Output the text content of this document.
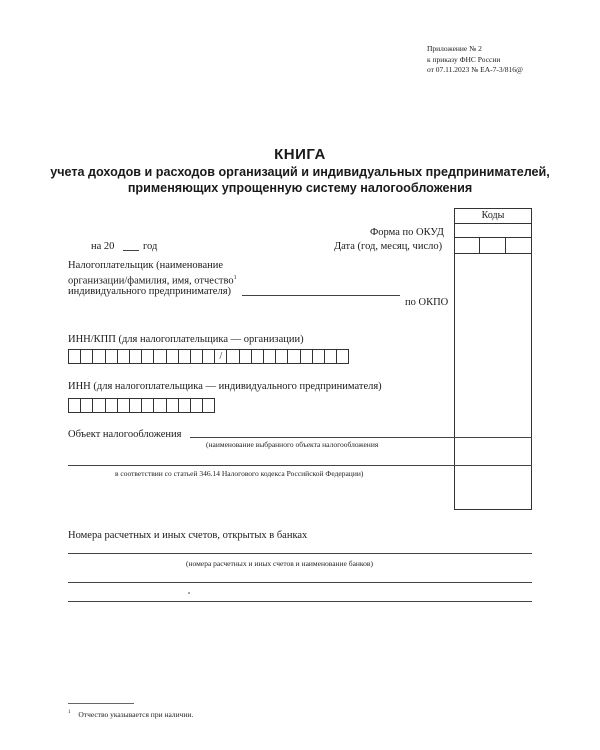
Приложение № 2
к приказу ФНС России
от 07.11.2023 № ЕА-7-3/816@
КНИГА
учета доходов и расходов организаций и индивидуальных предпринимателей,
применяющих упрощенную систему налогообложения
Коды
Форма по ОКУД
Дата (год, месяц, число)
по ОКПО
на 20	год
Налогоплательщик (наименование
организации/фамилия, имя, отчество$^1$
индивидуального предпринимателя)
ИНН/КПП (для налогоплательщика — организации)
/
ИНН (для налогоплательщика — индивидуального предпринимателя)
Объект налогообложения
(наименование выбранного объекта налогообложения
в соответствии со статьей 346.14 Налогового кодекса Российской Федерации)
Номера расчетных и иных счетов, открытых в банках
(номера расчетных и иных счетов и наименование банков)
$^1$ Отчество указывается при наличии.
